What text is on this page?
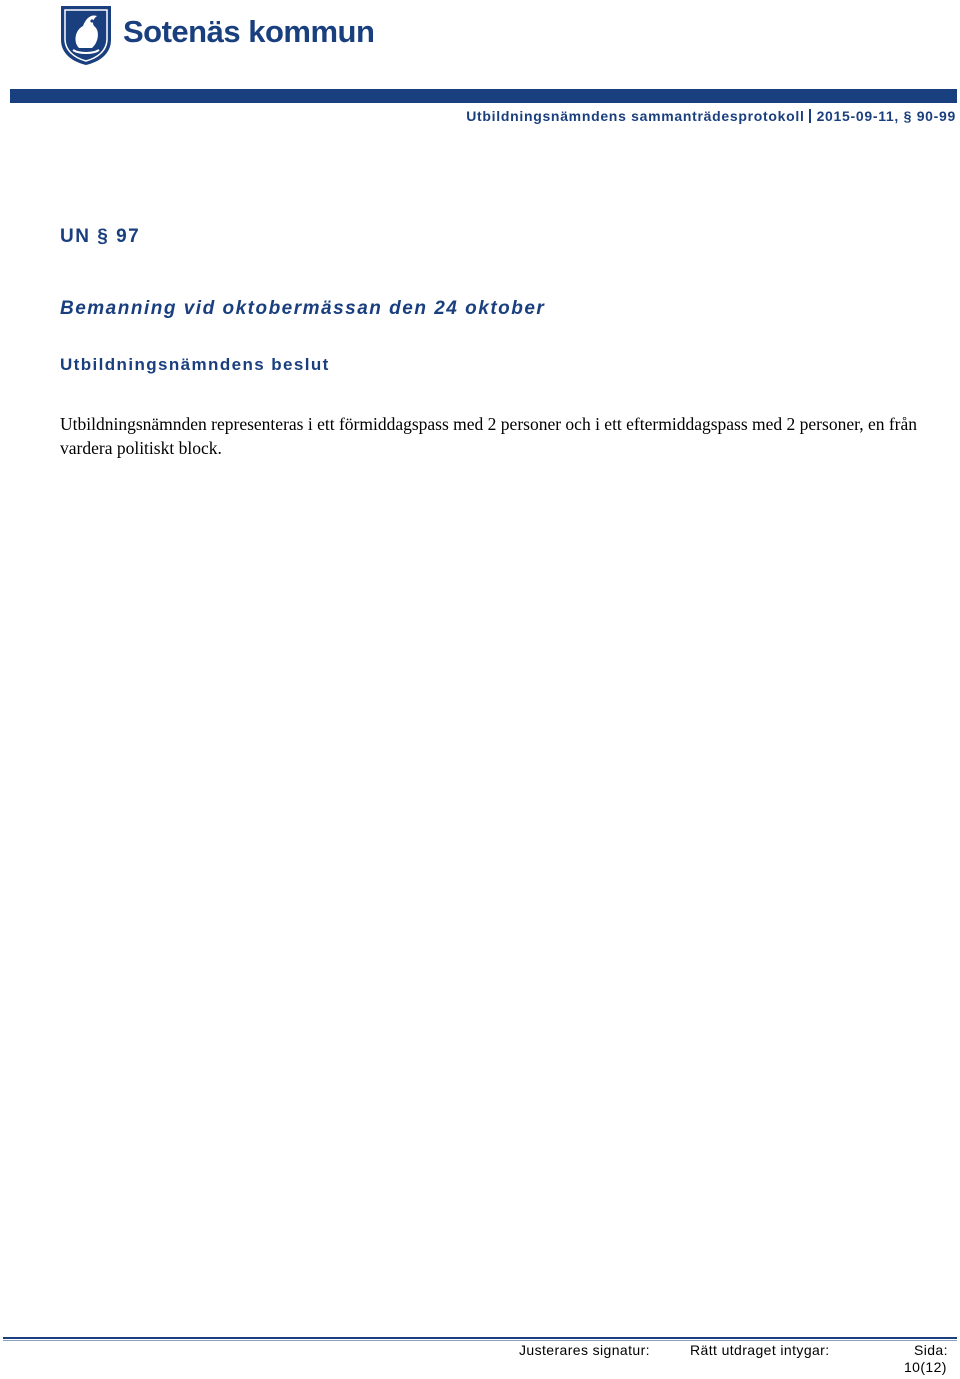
Sotenäs kommun
Utbildningsnämndens sammanträdesprotokoll 2015-09-11, § 90-99
UN § 97
Bemanning vid oktobermässan den 24 oktober
Utbildningsnämndens beslut

Utbildningsnämnden representeras i ett förmiddagspass med 2 personer och i ett eftermiddagspass med 2 personer, en från vardera politiskt block.

Justerares signatur:	Rätt utdraget intygar:	Sida:
10(12)
